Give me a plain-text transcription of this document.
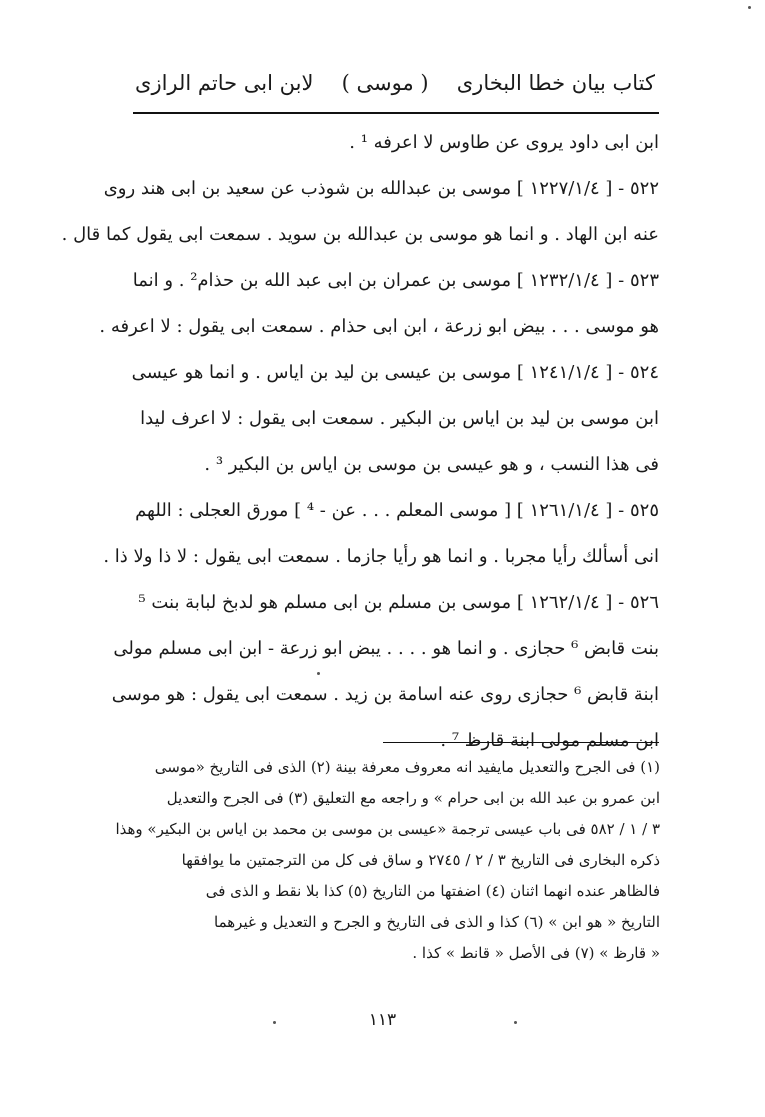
كتاب بيان خطا البخارى
( موسى )
لابن ابى حاتم الرازى
ابن ابى داود يروى عن طاوس لا اعرفه ¹ .
٥٢٢ - [ ١٢٢٧/١/٤ ] موسى بن عبدالله بن شوذب عن سعيد بن ابى هند روى
عنه ابن الهاد . و انما هو موسى بن عبدالله بن سويد . سمعت ابى يقول كما قال .
٥٢٣ - [ ١٢٣٢/١/٤ ] موسى بن عمران بن ابى عبد الله بن حذام² . و انما
هو موسى . . . بيض ابو زرعة ، ابن ابى حذام . سمعت ابى يقول : لا اعرفه .
٥٢٤ - [ ١٢٤١/١/٤ ] موسى بن عيسى بن ليد بن اياس . و انما هو عيسى
ابن موسى بن ليد بن اياس بن البكير . سمعت ابى يقول : لا اعرف ليدا
فى هذا النسب ، و هو عيسى بن موسى بن اياس بن البكير ³ .
٥٢٥ - [ ١٢٦١/١/٤ ] [ موسى المعلم . . . عن - ⁴ ] مورق العجلى : اللهم
انى أسألك رأيا مجربا . و انما هو رأيا جازما . سمعت ابى يقول : لا ذا ولا ذا .
٥٢٦ - [ ١٢٦٢/١/٤ ] موسى بن مسلم بن ابى مسلم هو لدبخ لبابة بنت ⁵
بنت قابض ⁶ حجازى . و انما هو . . . . يبض ابو زرعة - ابن ابى مسلم مولى
ابنة قابض ⁶ حجازى روى عنه اسامة بن زيد . سمعت ابى يقول : هو موسى
ابن مسلم مولى ابنة قارظ ⁷ .
(١) فى الجرح والتعديل مايفيد انه معروف معرفة بينة (٢) الذى فى التاريخ «موسى
ابن عمرو بن عبد الله بن ابى حرام » و راجعه مع التعليق (٣) فى الجرح والتعديل
٣ / ١ / ٥٨٢ فى باب عيسى ترجمة «عيسى بن موسى بن محمد بن اياس بن البكير» وهذا
ذكره البخارى فى التاريخ ٣ / ٢ / ٢٧٤٥ و ساق فى كل من الترجمتين ما يوافقها
فالظاهر عنده انهما اثنان (٤) اضفتها من التاريخ (٥) كذا بلا نقط و الذى فى
التاريخ « هو ابن » (٦) كذا و الذى فى التاريخ و الجرح و التعديل و غيرهما
« قارظ » (٧) فى الأصل « قانط » كذا .
١١٣
